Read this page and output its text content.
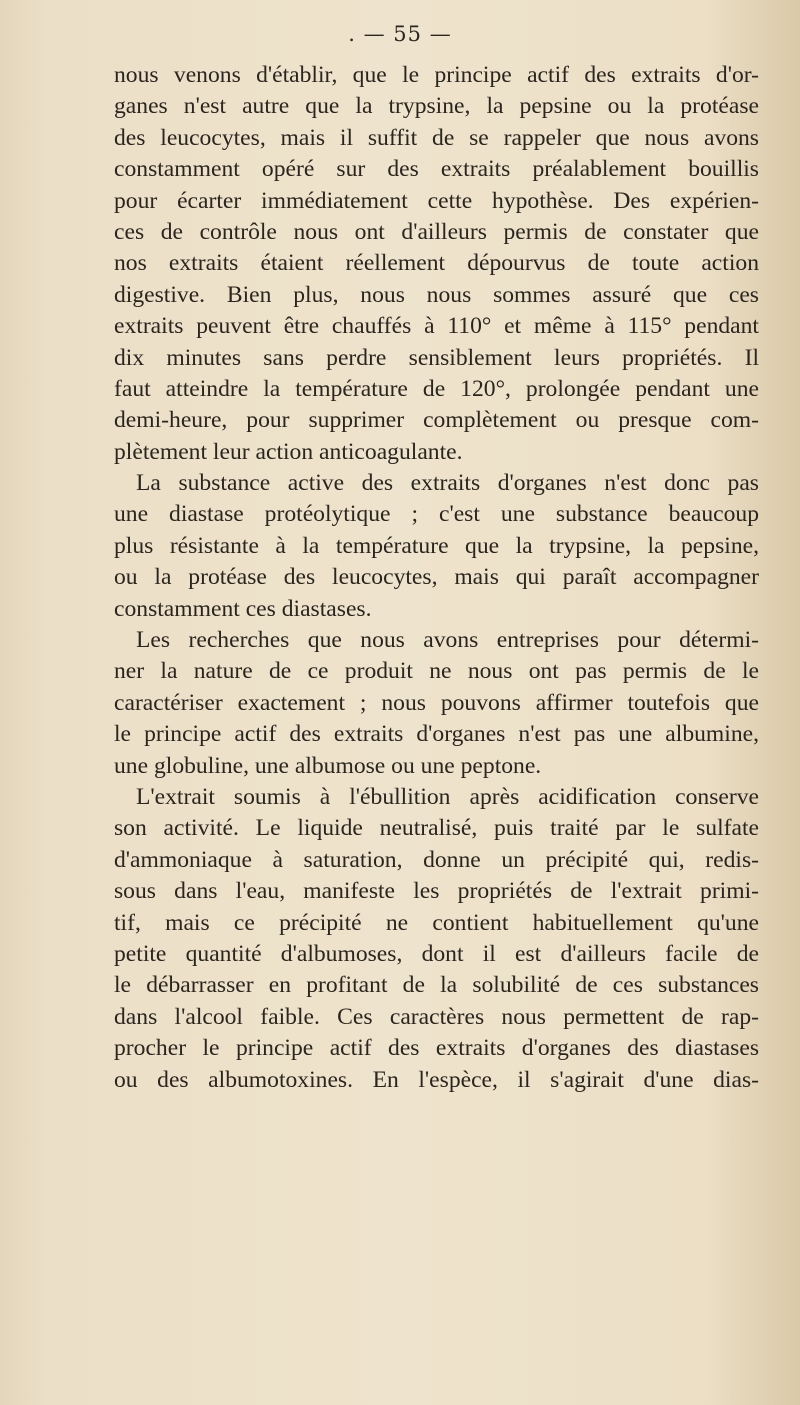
. — 55 —
nous venons d'établir, que le principe actif des extraits d'or-
ganes n'est autre que la trypsine, la pepsine ou la protéase
des leucocytes, mais il suffit de se rappeler que nous avons
constamment opéré sur des extraits préalablement bouillis
pour écarter immédiatement cette hypothèse. Des expérien-
ces de contrôle nous ont d'ailleurs permis de constater que
nos extraits étaient réellement dépourvus de toute action
digestive. Bien plus, nous nous sommes assuré que ces
extraits peuvent être chauffés à 110° et même à 115° pendant
dix minutes sans perdre sensiblement leurs propriétés. Il
faut atteindre la température de 120°, prolongée pendant une
demi-heure, pour supprimer complètement ou presque com-
plètement leur action anticoagulante.
La substance active des extraits d'organes n'est donc pas
une diastase protéolytique ; c'est une substance beaucoup
plus résistante à la température que la trypsine, la pepsine,
ou la protéase des leucocytes, mais qui paraît accompagner
constamment ces diastases.
Les recherches que nous avons entreprises pour détermi-
ner la nature de ce produit ne nous ont pas permis de le
caractériser exactement ; nous pouvons affirmer toutefois que
le principe actif des extraits d'organes n'est pas une albumine,
une globuline, une albumose ou une peptone.
L'extrait soumis à l'ébullition après acidification conserve
son activité. Le liquide neutralisé, puis traité par le sulfate
d'ammoniaque à saturation, donne un précipité qui, redis-
sous dans l'eau, manifeste les propriétés de l'extrait primi-
tif, mais ce précipité ne contient habituellement qu'une
petite quantité d'albumoses, dont il est d'ailleurs facile de
le débarrasser en profitant de la solubilité de ces substances
dans l'alcool faible. Ces caractères nous permettent de rap-
procher le principe actif des extraits d'organes des diastases
ou des albumotoxines. En l'espèce, il s'agirait d'une dias-
